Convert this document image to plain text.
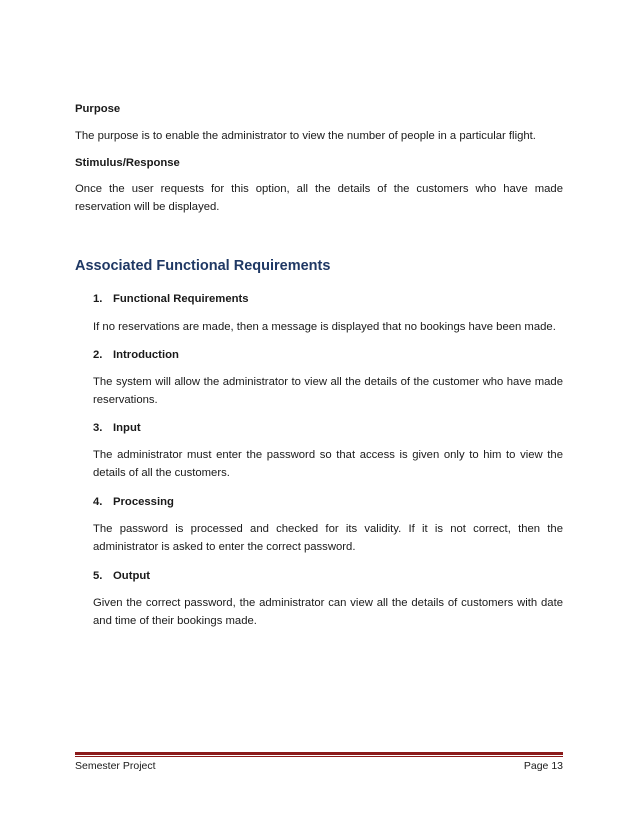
Purpose
The purpose is to enable the administrator to view the number of people in a particular flight.
Stimulus/Response
Once the user requests for this option, all the details of the customers who have made reservation will be displayed.
Associated Functional Requirements
1. Functional Requirements
If no reservations are made, then a message is displayed that no bookings have been made.
2. Introduction
The system will allow the administrator to view all the details of the customer who have made reservations.
3. Input
The administrator must enter the password so that access is given only to him to view the details of all the customers.
4. Processing
The password is processed and checked for its validity. If it is not correct, then the administrator is asked to enter the correct password.
5. Output
Given the correct password, the administrator can view all the details of customers with date and time of their bookings made.
Semester Project	Page 13
